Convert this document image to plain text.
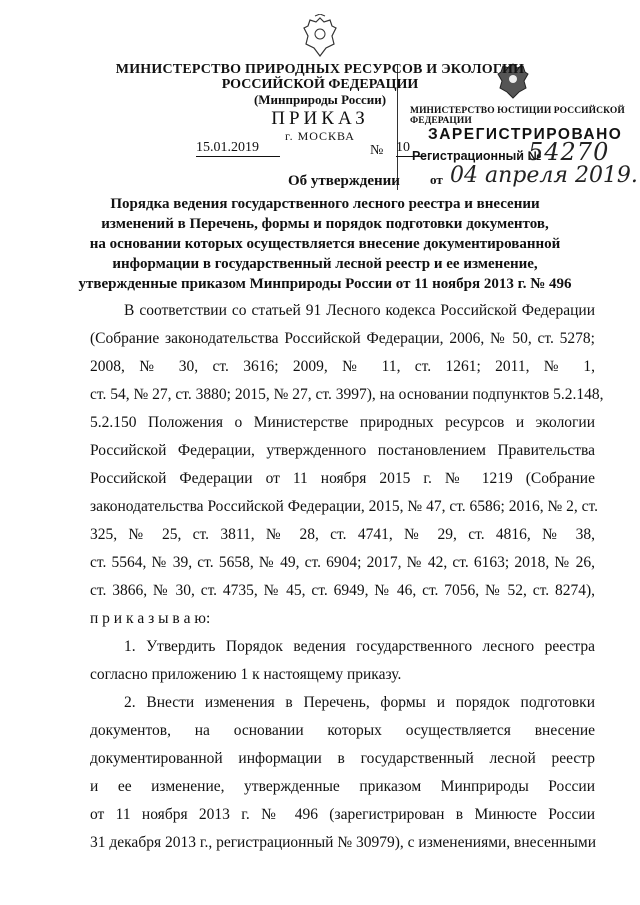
МИНИСТЕРСТВО ПРИРОДНЫХ РЕСУРСОВ И ЭКОЛОГИИ
РОССИЙСКОЙ ФЕДЕРАЦИИ
(Минприроды России)
ПРИКАЗ
г. МОСКВА
15.01.2019	№ 10
МИНИСТЕРСТВО ЮСТИЦИИ РОССИЙСКОЙ ФЕДЕРАЦИИ
ЗАРЕГИСТРИРОВАНО
Регистрационный №
54270
от 04 апреля 2019.
Об утверждении
Порядка ведения государственного лесного реестра и внесении
изменений в Перечень, формы и порядок подготовки документов,
на основании которых осуществляется внесение документированной
информации в государственный лесной реестр и ее изменение,
утвержденные приказом Минприроды России от 11 ноября 2013 г. № 496
В соответствии со статьей 91 Лесного кодекса Российской Федерации
(Собрание законодательства Российской Федерации, 2006, № 50, ст. 5278;
2008, № 30, ст. 3616; 2009, № 11, ст. 1261; 2011, № 1,
ст. 54, № 27, ст. 3880; 2015, № 27, ст. 3997), на основании подпунктов 5.2.148,
5.2.150 Положения о Министерстве природных ресурсов и экологии
Российской Федерации, утвержденного постановлением Правительства
Российской Федерации от 11 ноября 2015 г. № 1219 (Собрание
законодательства Российской Федерации, 2015, № 47, ст. 6586; 2016, № 2, ст.
325, № 25, ст. 3811, № 28, ст. 4741, № 29, ст. 4816, № 38,
ст. 5564, № 39, ст. 5658, № 49, ст. 6904; 2017, № 42, ст. 6163; 2018, № 26,
ст. 3866, № 30, ст. 4735, № 45, ст. 6949, № 46, ст. 7056, № 52, ст. 8274),
п р и к а з ы в а ю:
1. Утвердить Порядок ведения государственного лесного реестра
согласно приложению 1 к настоящему приказу.
2. Внести изменения в Перечень, формы и порядок подготовки
документов, на основании которых осуществляется внесение
документированной информации в государственный лесной реестр
и ее изменение, утвержденные приказом Минприроды России
от 11 ноября 2013 г. № 496 (зарегистрирован в Минюсте России
31 декабря 2013 г., регистрационный № 30979), с изменениями, внесенными
